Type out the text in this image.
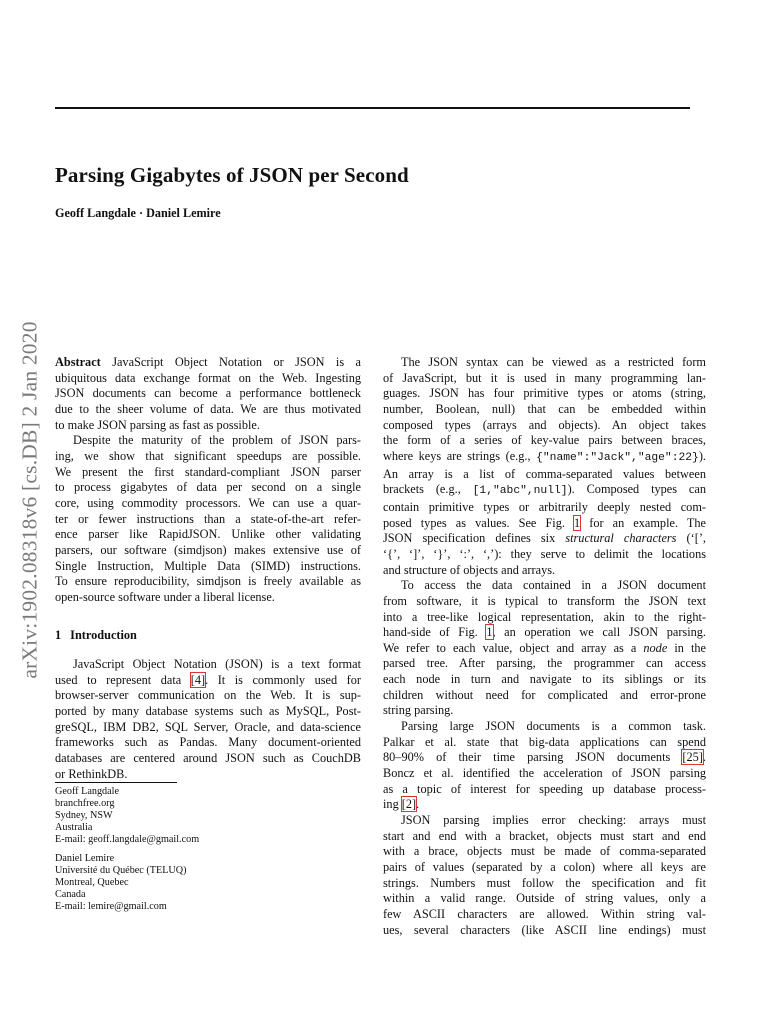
arXiv:1902.08318v6 [cs.DB] 2 Jan 2020
Parsing Gigabytes of JSON per Second
Geoff Langdale · Daniel Lemire
Abstract JavaScript Object Notation or JSON is a
ubiquitous data exchange format on the Web. Ingesting
JSON documents can become a performance bottleneck
due to the sheer volume of data. We are thus motivated
to make JSON parsing as fast as possible.
Despite the maturity of the problem of JSON pars-
ing, we show that significant speedups are possible.
We present the first standard-compliant JSON parser
to process gigabytes of data per second on a single
core, using commodity processors. We can use a quar-
ter or fewer instructions than a state-of-the-art refer-
ence parser like RapidJSON. Unlike other validating
parsers, our software (simdjson) makes extensive use of
Single Instruction, Multiple Data (SIMD) instructions.
To ensure reproducibility, simdjson is freely available as
open-source software under a liberal license.
1 Introduction
JavaScript Object Notation (JSON) is a text format
used to represent data [4]. It is commonly used for
browser-server communication on the Web. It is sup-
ported by many database systems such as MySQL, Post-
greSQL, IBM DB2, SQL Server, Oracle, and data-science
frameworks such as Pandas. Many document-oriented
databases are centered around JSON such as CouchDB
or RethinkDB.
Geoff Langdale
branchfree.org
Sydney, NSW
Australia
E-mail: geoff.langdale@gmail.com
Daniel Lemire
Université du Québec (TELUQ)
Montreal, Quebec
Canada
E-mail: lemire@gmail.com
The JSON syntax can be viewed as a restricted form
of JavaScript, but it is used in many programming lan-
guages. JSON has four primitive types or atoms (string,
number, Boolean, null) that can be embedded within
composed types (arrays and objects). An object takes
the form of a series of key-value pairs between braces,
where keys are strings (e.g., {"name":"Jack","age":22}).
An array is a list of comma-separated values between
brackets (e.g., [1,"abc",null]). Composed types can
contain primitive types or arbitrarily deeply nested com-
posed types as values. See Fig. 1 for an example. The
JSON specification defines six structural characters (‘[’,
‘{’, ‘]’, ‘}’, ‘:’, ‘,’): they serve to delimit the locations
and structure of objects and arrays.
To access the data contained in a JSON document
from software, it is typical to transform the JSON text
into a tree-like logical representation, akin to the right-
hand-side of Fig. 1, an operation we call JSON parsing.
We refer to each value, object and array as a node in the
parsed tree. After parsing, the programmer can access
each node in turn and navigate to its siblings or its
children without need for complicated and error-prone
string parsing.
Parsing large JSON documents is a common task.
Palkar et al. state that big-data applications can spend
80–90% of their time parsing JSON documents [25].
Boncz et al. identified the acceleration of JSON parsing
as a topic of interest for speeding up database process-
ing [2].
JSON parsing implies error checking: arrays must
start and end with a bracket, objects must start and end
with a brace, objects must be made of comma-separated
pairs of values (separated by a colon) where all keys are
strings. Numbers must follow the specification and fit
within a valid range. Outside of string values, only a
few ASCII characters are allowed. Within string val-
ues, several characters (like ASCII line endings) must
